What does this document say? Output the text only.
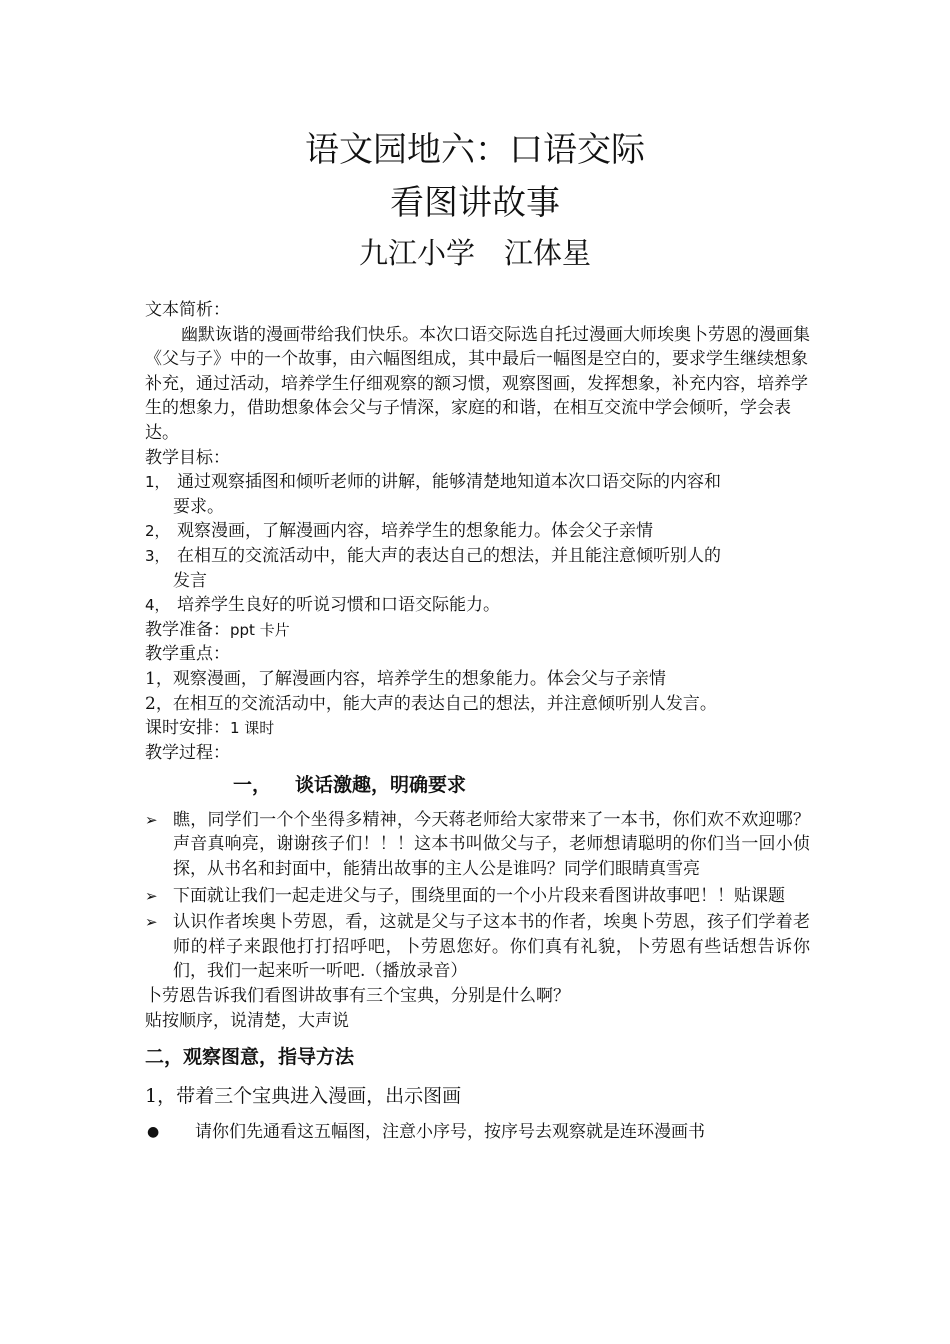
语文园地六：口语交际
看图讲故事
九江小学　江体星
文本简析：
幽默诙谐的漫画带给我们快乐。本次口语交际选自托过漫画大师埃奥卜劳恩的漫画集《父与子》中的一个故事，由六幅图组成，其中最后一幅图是空白的，要求学生继续想象补充，通过活动，培养学生仔细观察的额习惯，观察图画，发挥想象，补充内容，培养学生的想象力，借助想象体会父与子情深，家庭的和谐，在相互交流中学会倾听，学会表达。
教学目标：
1， 通过观察插图和倾听老师的讲解，能够清楚地知道本次口语交际的内容和
要求。
2， 观察漫画，了解漫画内容，培养学生的想象能力。体会父子亲情
3， 在相互的交流活动中，能大声的表达自己的想法，并且能注意倾听别人的
发言
4， 培养学生良好的听说习惯和口语交际能力。
教学准备：ppt 卡片
教学重点：
1，观察漫画，了解漫画内容，培养学生的想象能力。体会父与子亲情
2，在相互的交流活动中，能大声的表达自己的想法，并注意倾听别人发言。
课时安排：1 课时
教学过程：
一， 谈话激趣，明确要求
➢ 瞧，同学们一个个坐得多精神，今天蒋老师给大家带来了一本书，你们欢不欢迎哪？声音真响亮，谢谢孩子们！！！这本书叫做父与子，老师想请聪明的你们当一回小侦探，从书名和封面中，能猜出故事的主人公是谁吗？同学们眼睛真雪亮
➢ 下面就让我们一起走进父与子，围绕里面的一个小片段来看图讲故事吧！！贴课题
➢ 认识作者埃奥卜劳恩，看，这就是父与子这本书的作者，埃奥卜劳恩，孩子们学着老师的样子来跟他打打招呼吧，卜劳恩您好。你们真有礼貌，卜劳恩有些话想告诉你们，我们一起来听一听吧.（播放录音）
卜劳恩告诉我们看图讲故事有三个宝典，分别是什么啊？
贴按顺序，说清楚，大声说
二，观察图意，指导方法
1，带着三个宝典进入漫画，出示图画
●	请你们先通看这五幅图，注意小序号，按序号去观察就是连环漫画书
